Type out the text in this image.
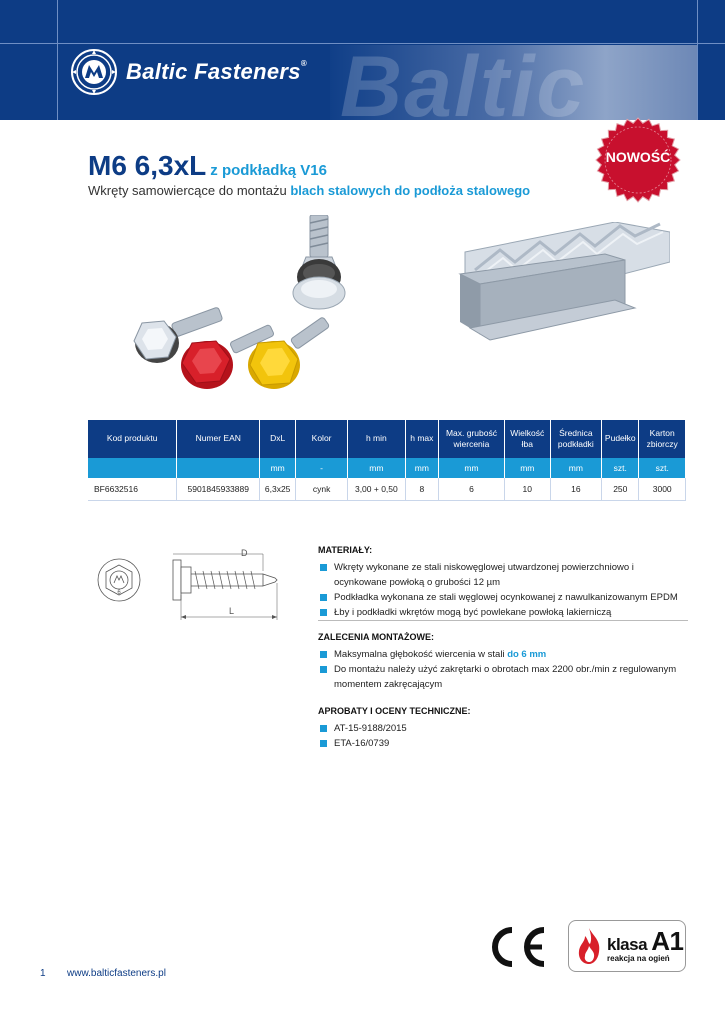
Baltic
Baltic Fasteners®
NOWOŚĆ
M6 6,3xL z podkładką V16
Wkręty samowiercące do montażu blach stalowych do podłoża stalowego
Kod produktu	Numer EAN	DxL	Kolor	h min	h max	Max. grubość wiercenia	Wielkość łba	Średnica podkładki	Pudełko	Karton zbiorczy
		mm	-	mm	mm	mm	mm	mm	szt.	szt.
BF6632516	5901845933889	6,3x25	cynk	3,00 + 0,50	8	6	10	16	250	3000
6
D
L
MATERIAŁY:
Wkręty wykonane ze stali niskowęglowej utwardzonej powierzchniowo i ocynkowane powłoką o grubości 12 µm
Podkładka wykonana ze stali węglowej ocynkowanej z nawulkanizowanym EPDM
Łby i podkładki wkrętów mogą być powlekane powłoką lakierniczą
ZALECENIA MONTAŻOWE:
Maksymalna głębokość wiercenia w stali do 6 mm
Do montażu należy użyć zakrętarki o obrotach max 2200 obr./min z regulowanym momentem zakręcającym
APROBATY I OCENY TECHNICZNE:
AT-15-9188/2015
ETA-16/0739
klasa A1
reakcja na ogień
1 www.balticfasteners.pl
